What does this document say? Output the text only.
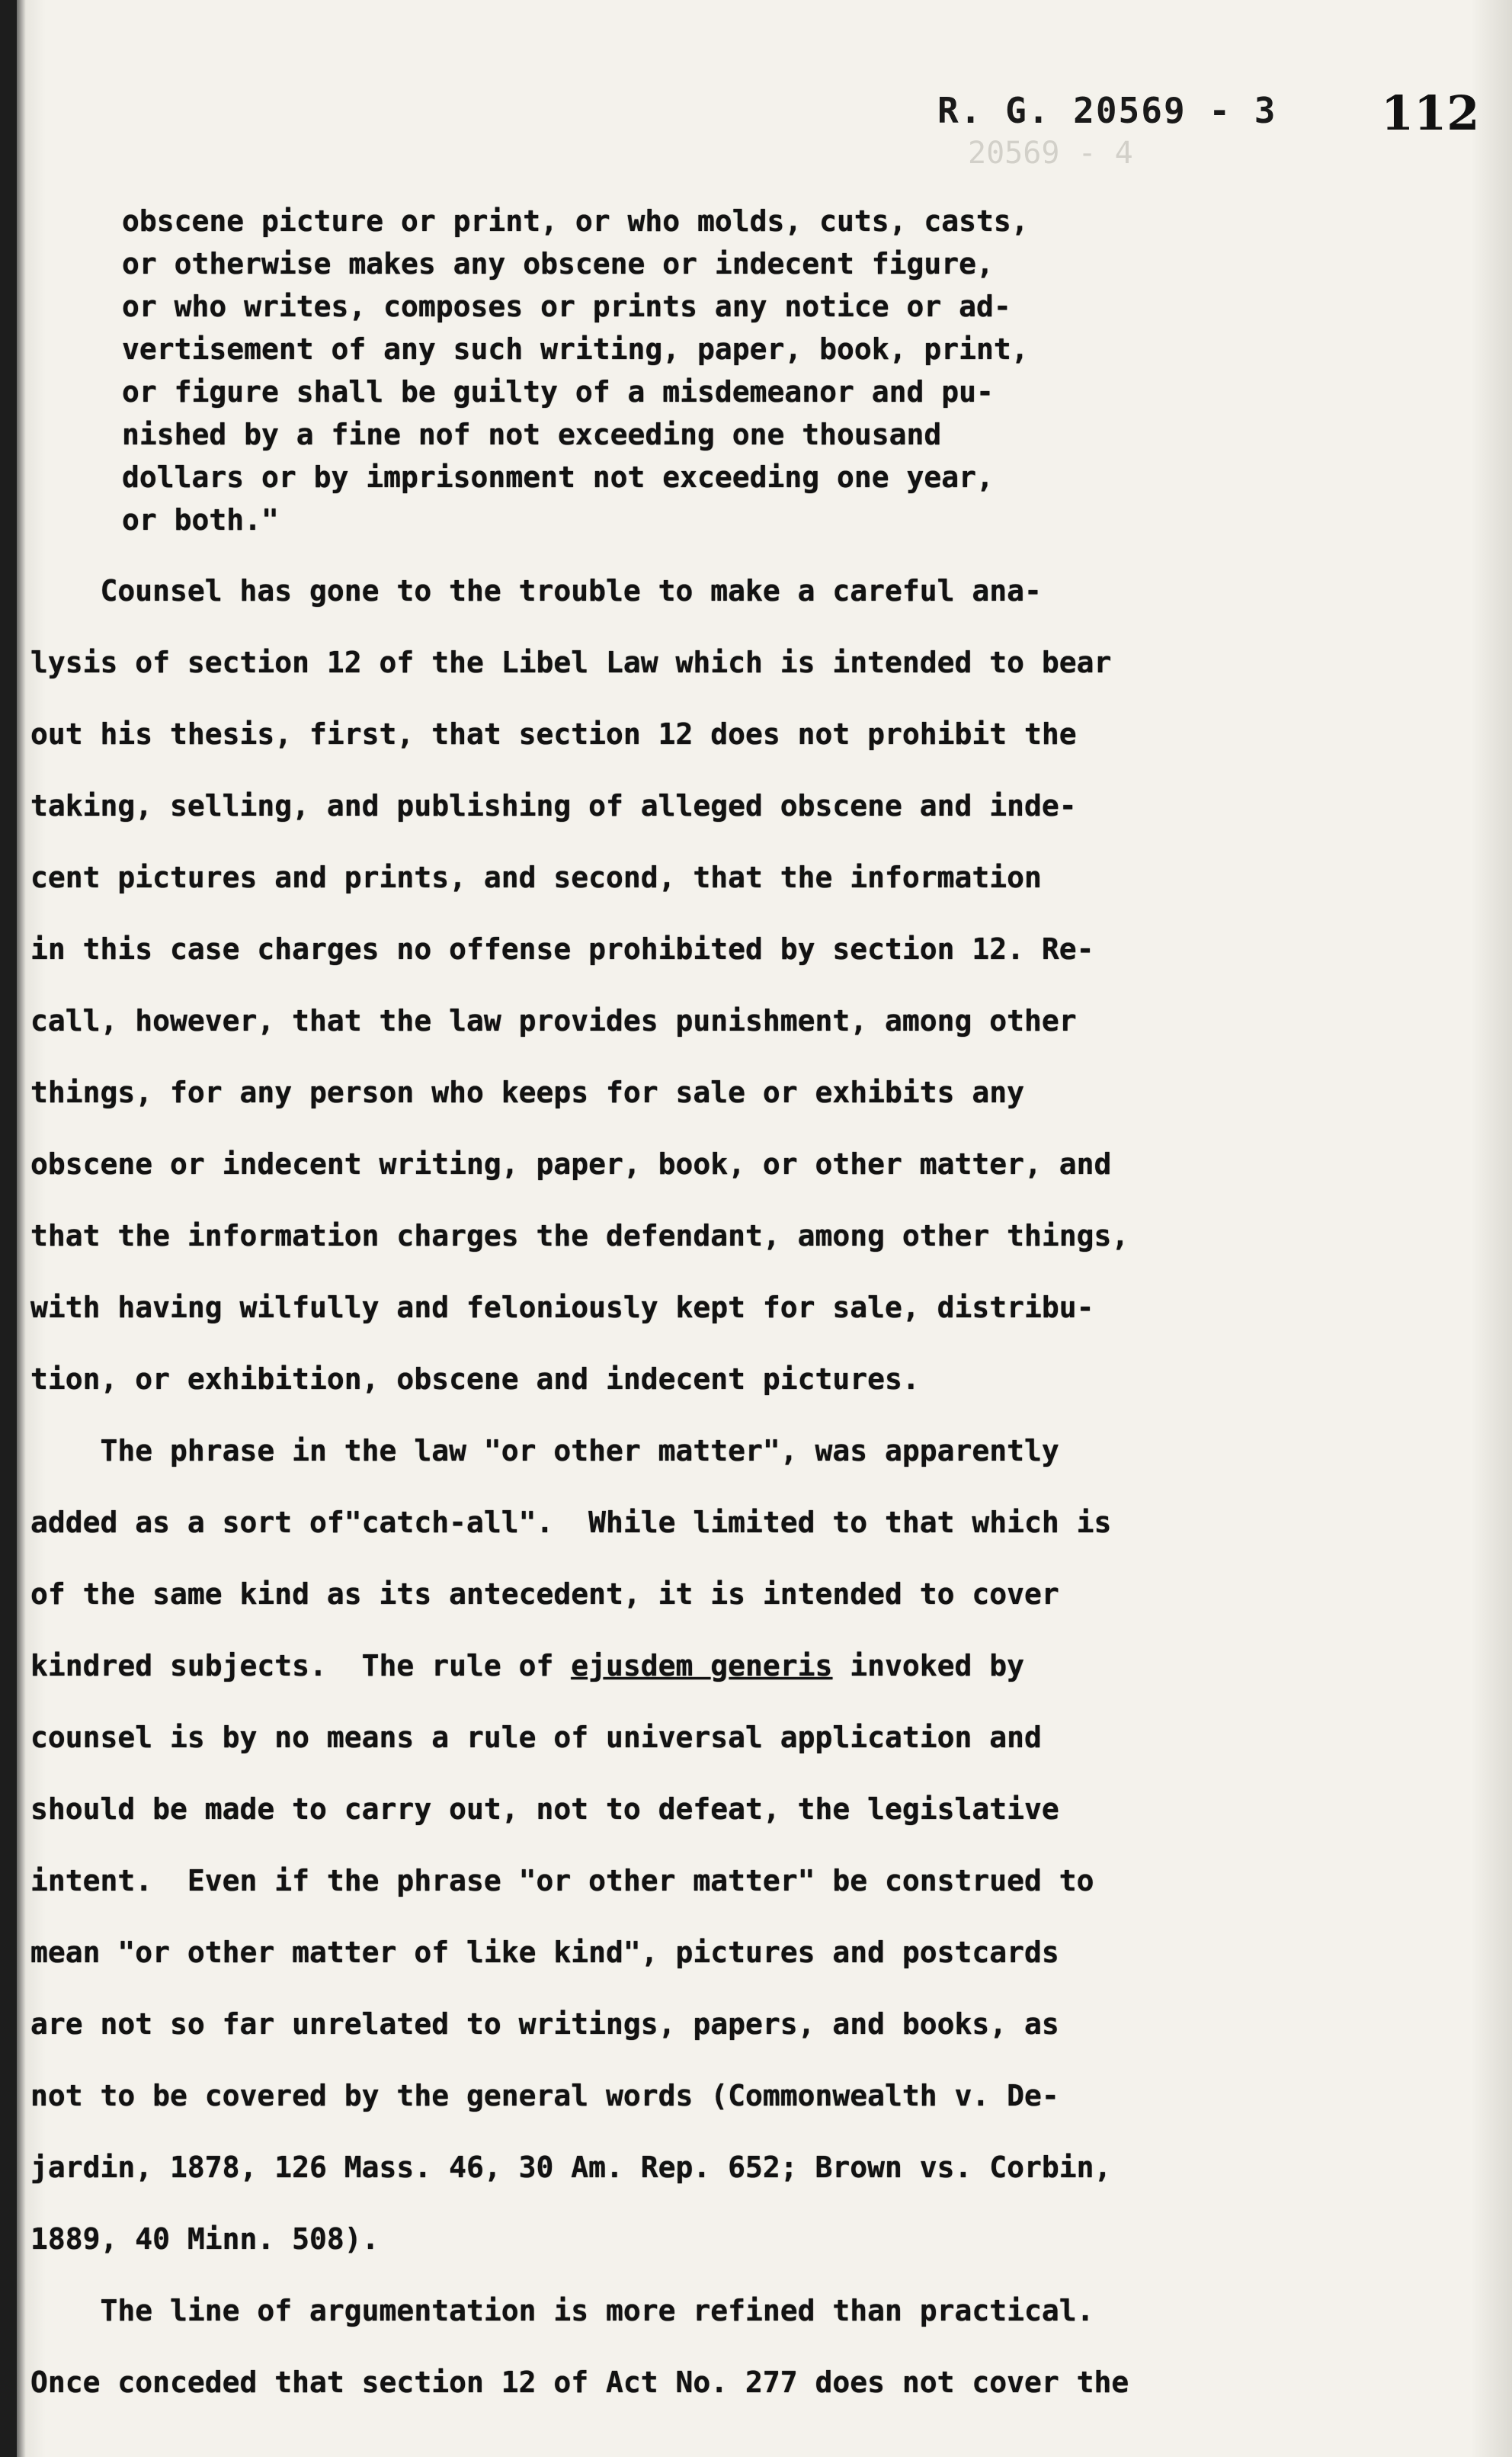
20569 - 4
R. G. 20569 - 3 112

obscene picture or print, or who molds, cuts, casts,

or otherwise makes any obscene or indecent figure,

or who writes, composes or prints any notice or ad-

vertisement of any such writing, paper, book, print,

or figure shall be guilty of a misdemeanor and pu-

nished by a fine nof not exceeding one thousand

dollars or by imprisonment not exceeding one year,

or both."

Counsel has gone to the trouble to make a careful ana-

lysis of section 12 of the Libel Law which is intended to bear

out his thesis, first, that section 12 does not prohibit the

taking, selling, and publishing of alleged obscene and inde-

cent pictures and prints, and second, that the information

in this case charges no offense prohibited by section 12. Re-

call, however, that the law provides punishment, among other

things, for any person who keeps for sale or exhibits any

obscene or indecent writing, paper, book, or other matter, and

that the information charges the defendant, among other things,

with having wilfully and feloniously kept for sale, distribu-

tion, or exhibition, obscene and indecent pictures.

The phrase in the law "or other matter", was apparently

added as a sort of"catch-all".  While limited to that which is

of the same kind as its antecedent, it is intended to cover

kindred subjects.  The rule of ejusdem generis invoked by

counsel is by no means a rule of universal application and

should be made to carry out, not to defeat, the legislative

intent.  Even if the phrase "or other matter" be construed to

mean "or other matter of like kind", pictures and postcards

are not so far unrelated to writings, papers, and books, as

not to be covered by the general words (Commonwealth v. De-

jardin, 1878, 126 Mass. 46, 30 Am. Rep. 652; Brown vs. Corbin,

1889, 40 Minn. 508).

The line of argumentation is more refined than practical.

Once conceded that section 12 of Act No. 277 does not cover the
